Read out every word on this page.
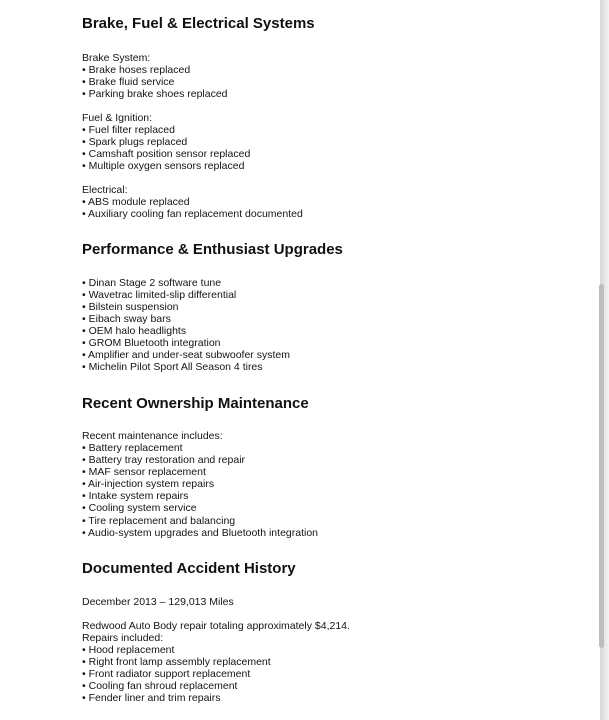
Brake, Fuel & Electrical Systems
Brake System:
• Brake hoses replaced
• Brake fluid service
• Parking brake shoes replaced
Fuel & Ignition:
• Fuel filter replaced
• Spark plugs replaced
• Camshaft position sensor replaced
• Multiple oxygen sensors replaced
Electrical:
• ABS module replaced
• Auxiliary cooling fan replacement documented
Performance & Enthusiast Upgrades
• Dinan Stage 2 software tune
• Wavetrac limited-slip differential
• Bilstein suspension
• Eibach sway bars
• OEM halo headlights
• GROM Bluetooth integration
• Amplifier and under-seat subwoofer system
• Michelin Pilot Sport All Season 4 tires
Recent Ownership Maintenance
Recent maintenance includes:
• Battery replacement
• Battery tray restoration and repair
• MAF sensor replacement
• Air-injection system repairs
• Intake system repairs
• Cooling system service
• Tire replacement and balancing
• Audio-system upgrades and Bluetooth integration
Documented Accident History
December 2013 – 129,013 Miles
Redwood Auto Body repair totaling approximately $4,214.
Repairs included:
• Hood replacement
• Right front lamp assembly replacement
• Front radiator support replacement
• Cooling fan shroud replacement
• Fender liner and trim repairs
